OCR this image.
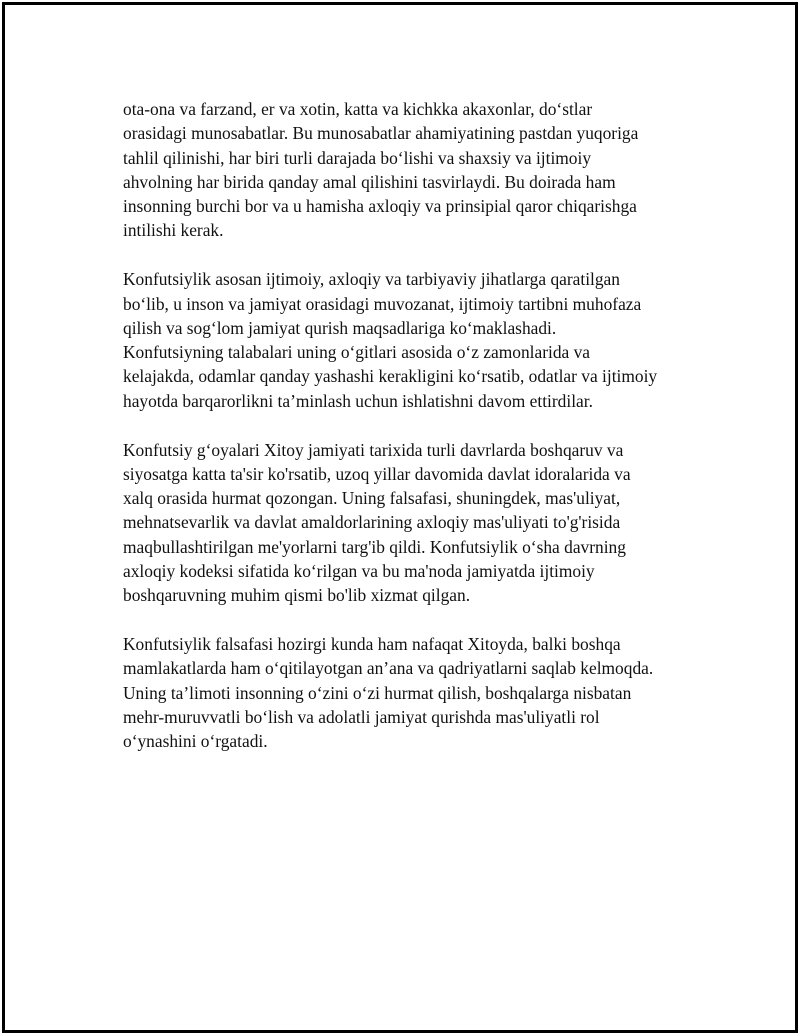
ota-ona va farzand, er va xotin, katta va kichkka akaxonlar, do‘stlar
orasidagi munosabatlar. Bu munosabatlar ahamiyatining pastdan yuqoriga
tahlil qilinishi, har biri turli darajada bo‘lishi va shaxsiy va ijtimoiy
ahvolning har birida qanday amal qilishini tasvirlaydi. Bu doirada ham
insonning burchi bor va u hamisha axloqiy va prinsipial qaror chiqarishga
intilishi kerak.

Konfutsiylik asosan ijtimoiy, axloqiy va tarbiyaviy jihatlarga qaratilgan
bo‘lib, u inson va jamiyat orasidagi muvozanat, ijtimoiy tartibni muhofaza
qilish va sog‘lom jamiyat qurish maqsadlariga ko‘maklashadi.
Konfutsiyning talabalari uning o‘gitlari asosida o‘z zamonlarida va
kelajakda, odamlar qanday yashashi kerakligini ko‘rsatib, odatlar va ijtimoiy
hayotda barqarorlikni ta’minlash uchun ishlatishni davom ettirdilar.

Konfutsiy g‘oyalari Xitoy jamiyati tarixida turli davrlarda boshqaruv va
siyosatga katta ta'sir ko'rsatib, uzoq yillar davomida davlat idoralarida va
xalq orasida hurmat qozongan. Uning falsafasi, shuningdek, mas'uliyat,
mehnatsevarlik va davlat amaldorlarining axloqiy mas'uliyati to'g'risida
maqbullashtirilgan me'yorlarni targ'ib qildi. Konfutsiylik o‘sha davrning
axloqiy kodeksi sifatida ko‘rilgan va bu ma'noda jamiyatda ijtimoiy
boshqaruvning muhim qismi bo'lib xizmat qilgan.

Konfutsiylik falsafasi hozirgi kunda ham nafaqat Xitoyda, balki boshqa
mamlakatlarda ham o‘qitilayotgan an’ana va qadriyatlarni saqlab kelmoqda.
Uning ta’limoti insonning o‘zini o‘zi hurmat qilish, boshqalarga nisbatan
mehr-muruvvatli bo‘lish va adolatli jamiyat qurishda mas'uliyatli rol
o‘ynashini o‘rgatadi.
